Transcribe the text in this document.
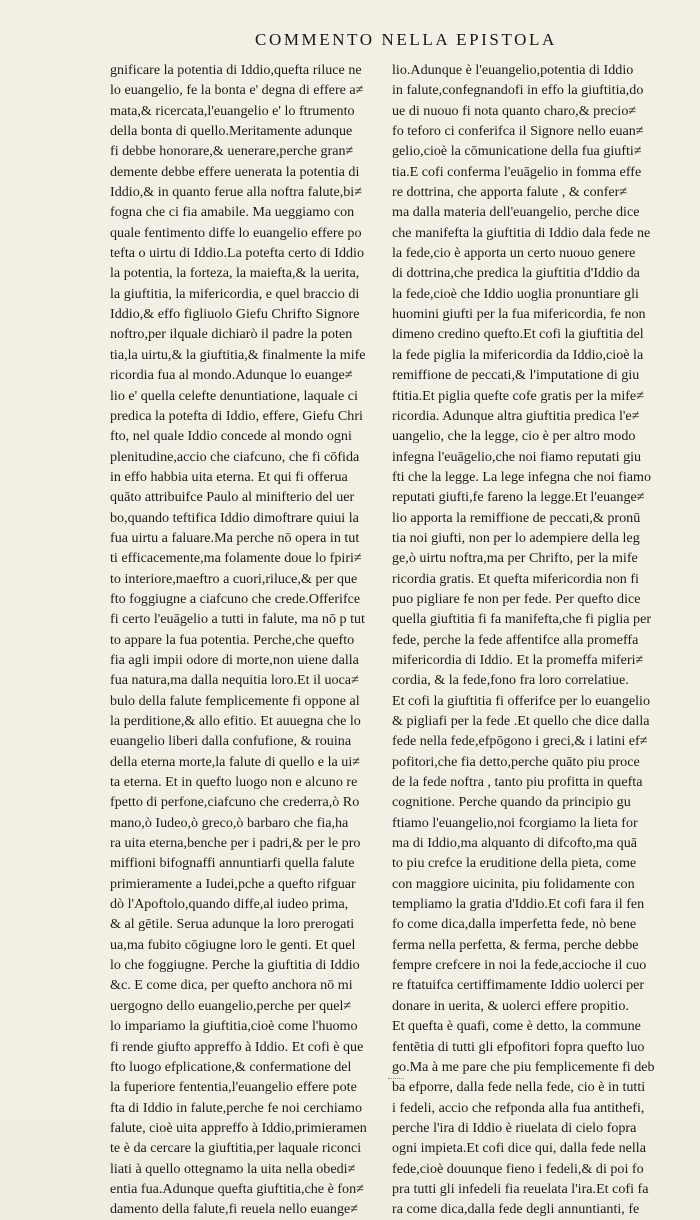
COMMENTO NELLA EPISTOLA
gnificare la potentia di Iddio,quefta riluce ne
lo euangelio, fe la bonta e' degna di effere a≠
mata,& ricercata,l'euangelio e' lo ftrumento
della bonta di quello.Meritamente adunque
fi debbe honorare,& uenerare,perche gran≠
demente debbe effere uenerata la potentia di
Iddio,& in quanto ferue alla noftra falute,bi≠
fogna che ci fia amabile. Ma ueggiamo con
quale fentimento diffe lo euangelio effere po
tefta o uirtu di Iddio.La potefta certo di Iddio
la potentia, la forteza, la maiefta,& la uerita,
la giuftitia, la mifericordia, e quel braccio di
Iddio,& effo figliuolo Giefu Chrifto Signore
noftro,per ilquale dichiarò il padre la poten
tia,la uirtu,& la giuftitia,& finalmente la mife
ricordia fua al mondo.Adunque lo euange≠
lio e' quella celefte denuntiatione, laquale ci
predica la potefta di Iddio, effere, Giefu Chri
fto, nel quale Iddio concede al mondo ogni
plenitudine,accio che ciafcuno, che fi cōfida
in effo habbia uita eterna. Et qui fi offerua
quāto attribuifce Paulo al minifterio del uer
bo,quando teftifica Iddio dimoftrare quiui la
fua uirtu a faluare.Ma perche nō opera in tut
ti efficacemente,ma folamente doue lo fpiri≠
to interiore,maeftro a cuori,riluce,& per que
fto foggiugne a ciafcuno che crede.Offerifce
fi certo l'euāgelio a tutti in falute, ma nō p tut
to appare la fua potentia. Perche,che quefto
fia agli impii odore di morte,non uiene dalla
fua natura,ma dalla nequitia loro.Et il uoca≠
bulo della falute femplicemente fi oppone al
la perditione,& allo efitio. Et auuegna che lo
euangelio liberi dalla confufione, & rouina
della eterna morte,la falute di quello e la ui≠
ta eterna. Et in quefto luogo non e alcuno re
fpetto di perfone,ciafcuno che crederra,ò Ro
mano,ò Iudeo,ò greco,ò barbaro che fia,ha
ra uita eterna,benche per i padri,& per le pro
miffioni bifognaffi annuntiarfi quella falute
primieramente a Iudei,pche a quefto rifguar
dò l'Apoftolo,quando diffe,al iudeo prima,
& al gētile. Serua adunque la loro prerogati
ua,ma fubito cōgiugne loro le genti. Et quel
lo che foggiugne. Perche la giuftitia di Iddio
&c. E come dica, per quefto anchora nō mi
uergogno dello euangelio,perche per quel≠
lo impariamo la giuftitia,cioè come l'huomo
fi rende giufto appreffo à Iddio. Et cofi è que
fto luogo efplicatione,& confermatione del
la fuperiore fententia,l'euangelio effere pote
fta di Iddio in falute,perche fe noi cerchiamo
falute, cioè uita appreffo à Iddio,primieramen
te è da cercare la giuftitia,per laquale riconci
liati à quello ottegnamo la uita nella obedi≠
entia fua.Adunque quefta giuftitia,che è fon≠
damento della falute,fi reuela nello euange≠
lio.Adunque è l'euangelio,potentia di Iddio
in falute,confegnandofi in effo la giuftitia,do
ue di nuouo fi nota quanto charo,& precio≠
fo teforo ci conferifca il Signore nello euan≠
gelio,cioè la cōmunicatione della fua giufti≠
tia.E cofi conferma l'euāgelio in fomma effe
re dottrina, che apporta falute , & confer≠
ma dalla materia dell'euangelio, perche dice
che manifefta la giuftitia di Iddio dala fede ne
la fede,cio è apporta un certo nuouo genere
di dottrina,che predica la giuftitia d'Iddio da
la fede,cioè che Iddio uoglia pronuntiare gli
huomini giufti per la fua mifericordia, fe non
dimeno credino quefto.Et cofi la giuftitia del
la fede piglia la mifericordia da Iddio,cioè la
remiffione de peccati,& l'imputatione di giu
ftitia.Et piglia quefte cofe gratis per la mife≠
ricordia. Adunque altra giuftitia predica l'e≠
uangelio, che la legge, cio è per altro modo
infegna l'euāgelio,che noi fiamo reputati giu
fti che la legge. La lege infegna che noi fiamo
reputati giufti,fe fareno la legge.Et l'euange≠
lio apporta la remiffione de peccati,& pronū
tia noi giufti, non per lo adempiere della leg
ge,ò uirtu noftra,ma per Chrifto, per la mife
ricordia gratis. Et quefta mifericordia non fi
puo pigliare fe non per fede. Per quefto dice
quella giuftitia fi fa manifefta,che fi piglia per
fede, perche la fede affentifce alla promeffa
mifericordia di Iddio. Et la promeffa miferi≠
cordia, & la fede,fono fra loro correlatiue.
Et cofi la giuftitia fi offerifce per lo euangelio
& pigliafi per la fede .Et quello che dice dalla
fede nella fede,efpōgono i greci,& i latini ef≠
pofitori,che fia detto,perche quāto piu proce
de la fede noftra , tanto piu profitta in quefta
cognitione. Perche quando da principio gu
ftiamo l'euangelio,noi fcorgiamo la lieta for
ma di Iddio,ma alquanto di difcofto,ma quā
to piu crefce la eruditione della pieta, come
con maggiore uicinita, piu folidamente con
templiamo la gratia d'Iddio.Et cofi fara il fen
fo come dica,dalla imperfetta fede, nò bene
ferma nella perfetta, & ferma, perche debbe
fempre crefcere in noi la fede,accioche il cuo
re ftatuifca certiffimamente Iddio uolerci per
donare in uerita, & uolerci effere propitio.
Et quefta è quafi, come è detto, la commune
fentētia di tutti gli efpofitori fopra quefto luo
go.Ma à me pare che piu femplicemente fi deb
ba efporre, dalla fede nella fede, cio è in tutti
i fedeli, accio che refponda alla fua antithefi,
perche l'ira di Iddio è riuelata di cielo fopra
ogni impieta.Et cofi dice qui, dalla fede nella
fede,cioè douunque fieno i fedeli,& di poi fo
pra tutti gli infedeli fia reuelata l'ira.Et cofi fa
ra come dica,dalla fede degli annuntianti, fe
